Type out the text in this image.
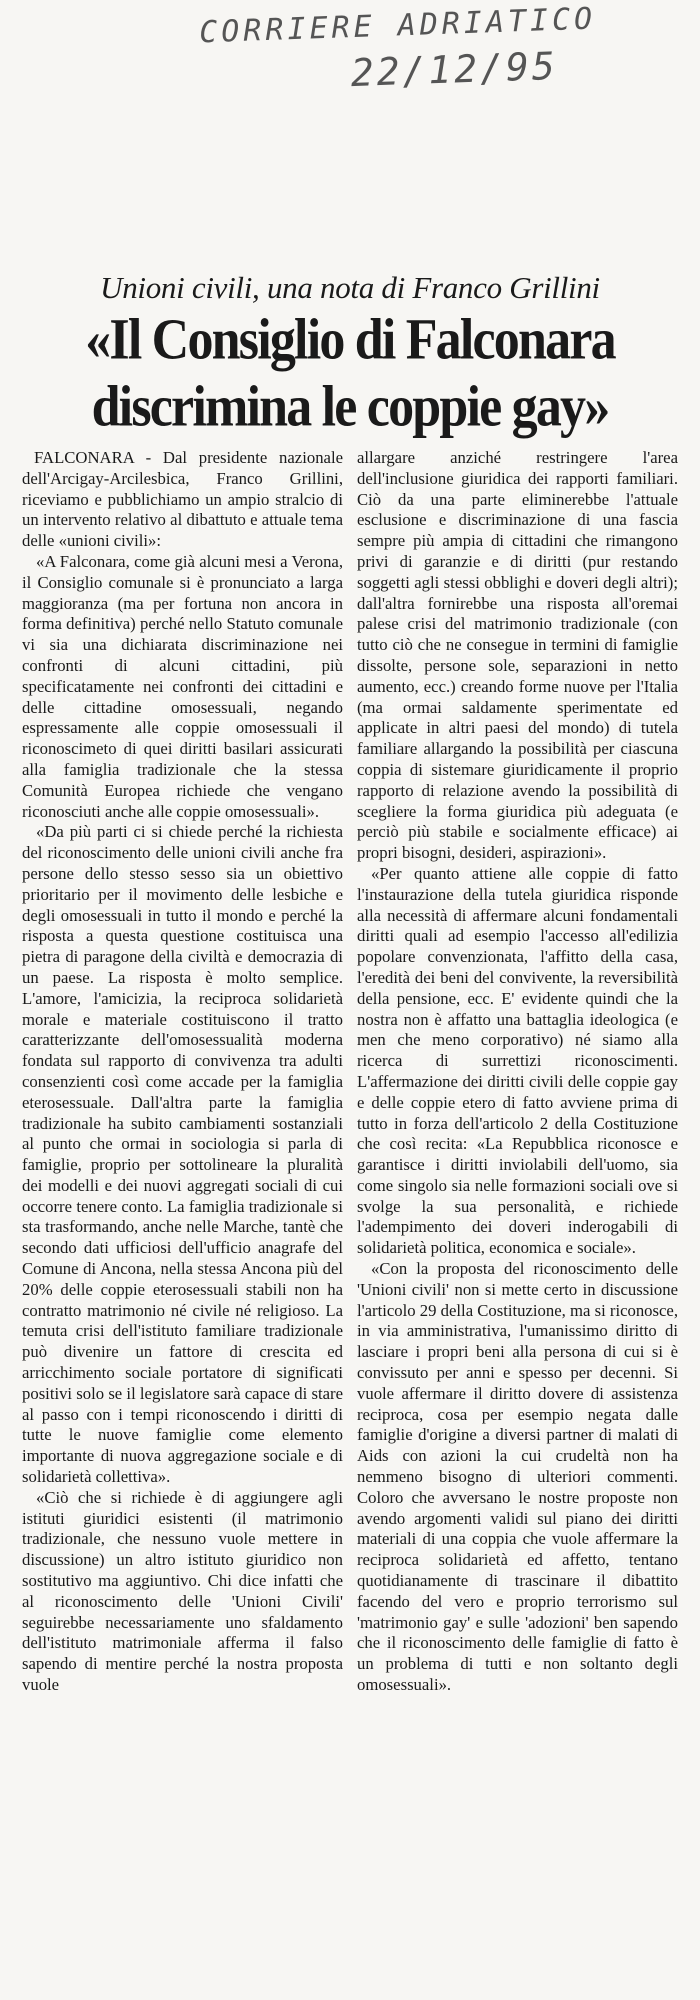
CORRIERE ADRIATICO
22/12/95
Unioni civili, una nota di Franco Grillini
«Il Consiglio di Falconara
discrimina le coppie gay»

FALCONARA - Dal presidente nazionale dell'Arcigay-Arcilesbica, Franco Grillini, riceviamo e pubblichiamo un ampio stralcio di un intervento relativo al dibattuto e attuale tema delle «unioni civili»:

«A Falconara, come già alcuni mesi a Verona, il Consiglio comunale si è pronunciato a larga maggioranza (ma per fortuna non ancora in forma definitiva) perché nello Statuto comunale vi sia una dichiarata discriminazione nei confronti di alcuni cittadini, più specificatamente nei confronti dei cittadini e delle cittadine omosessuali, negando espressamente alle coppie omosessuali il riconoscimeto di quei diritti basilari assicurati alla famiglia tradizionale che la stessa Comunità Europea richiede che vengano riconosciuti anche alle coppie omosessuali».

«Da più parti ci si chiede perché la richiesta del riconoscimento delle unioni civili anche fra persone dello stesso sesso sia un obiettivo prioritario per il movimento delle lesbiche e degli omosessuali in tutto il mondo e perché la risposta a questa questione costituisca una pietra di paragone della civiltà e democrazia di un paese. La risposta è molto semplice. L'amore, l'amicizia, la reciproca solidarietà morale e materiale costituiscono il tratto caratterizzante dell'omosessualità moderna fondata sul rapporto di convivenza tra adulti consenzienti così come accade per la famiglia eterosessuale. Dall'altra parte la famiglia tradizionale ha subito cambiamenti sostanziali al punto che ormai in sociologia si parla di famiglie, proprio per sottolineare la pluralità dei modelli e dei nuovi aggregati sociali di cui occorre tenere conto. La famiglia tradizionale si sta trasformando, anche nelle Marche, tantè che secondo dati ufficiosi dell'ufficio anagrafe del Comune di Ancona, nella stessa Ancona più del 20% delle coppie eterosessuali stabili non ha contratto matrimonio né civile né religioso. La temuta crisi dell'istituto familiare tradizionale può divenire un fattore di crescita ed arricchimento sociale portatore di significati positivi solo se il legislatore sarà capace di stare al passo con i tempi riconoscendo i diritti di tutte le nuove famiglie come elemento importante di nuova aggregazione sociale e di solidarietà collettiva».

«Ciò che si richiede è di aggiungere agli istituti giuridici esistenti (il matrimonio tradizionale, che nessuno vuole mettere in discussione) un altro istituto giuridico non sostitutivo ma aggiuntivo. Chi dice infatti che al riconoscimento delle 'Unioni Civili' seguirebbe necessariamente uno sfaldamento dell'istituto matrimoniale afferma il falso sapendo di mentire perché la nostra proposta vuole

allargare anziché restringere l'area dell'inclusione giuridica dei rapporti familiari. Ciò da una parte eliminerebbe l'attuale esclusione e discriminazione di una fascia sempre più ampia di cittadini che rimangono privi di garanzie e di diritti (pur restando soggetti agli stessi obblighi e doveri degli altri); dall'altra fornirebbe una risposta all'oremai palese crisi del matrimonio tradizionale (con tutto ciò che ne consegue in termini di famiglie dissolte, persone sole, separazioni in netto aumento, ecc.) creando forme nuove per l'Italia (ma ormai saldamente sperimentate ed applicate in altri paesi del mondo) di tutela familiare allargando la possibilità per ciascuna coppia di sistemare giuridicamente il proprio rapporto di relazione avendo la possibilità di scegliere la forma giuridica più adeguata (e perciò più stabile e socialmente efficace) ai propri bisogni, desideri, aspirazioni».

«Per quanto attiene alle coppie di fatto l'instaurazione della tutela giuridica risponde alla necessità di affermare alcuni fondamentali diritti quali ad esempio l'accesso all'edilizia popolare convenzionata, l'affitto della casa, l'eredità dei beni del convivente, la reversibilità della pensione, ecc. E' evidente quindi che la nostra non è affatto una battaglia ideologica (e men che meno corporativo) né siamo alla ricerca di surrettizi riconoscimenti. L'affermazione dei diritti civili delle coppie gay e delle coppie etero di fatto avviene prima di tutto in forza dell'articolo 2 della Costituzione che così recita: «La Repubblica riconosce e garantisce i diritti inviolabili dell'uomo, sia come singolo sia nelle formazioni sociali ove si svolge la sua personalità, e richiede l'adempimento dei doveri inderogabili di solidarietà politica, economica e sociale».

«Con la proposta del riconoscimento delle 'Unioni civili' non si mette certo in discussione l'articolo 29 della Costituzione, ma si riconosce, in via amministrativa, l'umanissimo diritto di lasciare i propri beni alla persona di cui si è convissuto per anni e spesso per decenni. Si vuole affermare il diritto dovere di assistenza reciproca, cosa per esempio negata dalle famiglie d'origine a diversi partner di malati di Aids con azioni la cui crudeltà non ha nemmeno bisogno di ulteriori commenti. Coloro che avversano le nostre proposte non avendo argomenti validi sul piano dei diritti materiali di una coppia che vuole affermare la reciproca solidarietà ed affetto, tentano quotidianamente di trascinare il dibattito facendo del vero e proprio terrorismo sul 'matrimonio gay' e sulle 'adozioni' ben sapendo che il riconoscimento delle famiglie di fatto è un problema di tutti e non soltanto degli omosessuali».
